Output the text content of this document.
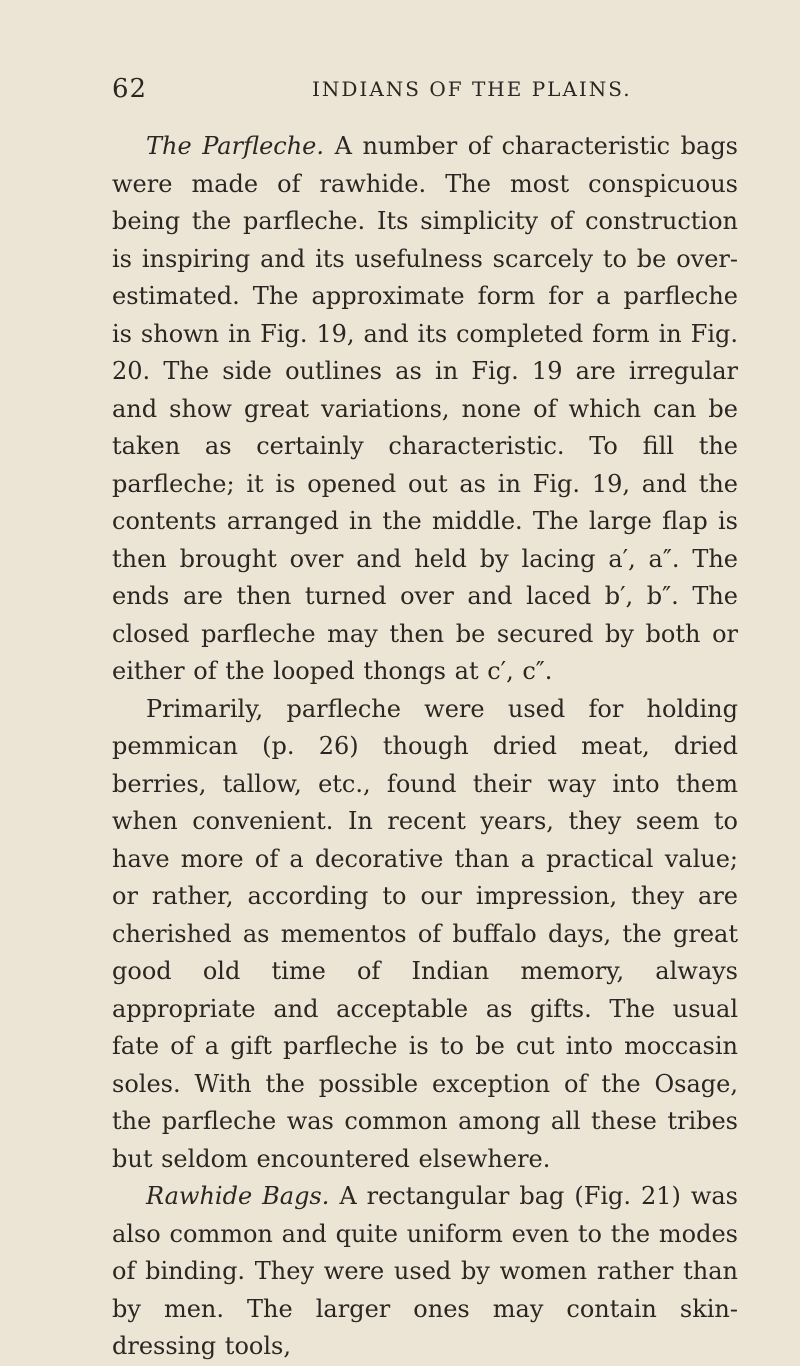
62	INDIANS OF THE PLAINS.

The Parfleche. A number of characteristic bags were made of rawhide. The most conspicuous being the parfleche. Its simplicity of construction is inspiring and its usefulness scarcely to be over-estimated. The approximate form for a parfleche is shown in Fig. 19, and its completed form in Fig. 20. The side outlines as in Fig. 19 are irregular and show great variations, none of which can be taken as certainly characteristic. To fill the parfleche; it is opened out as in Fig. 19, and the contents arranged in the middle. The large flap is then brought over and held by lacing a′, a″. The ends are then turned over and laced b′, b″. The closed parfleche may then be secured by both or either of the looped thongs at c′, c″.

Primarily, parfleche were used for holding pemmican (p. 26) though dried meat, dried berries, tallow, etc., found their way into them when convenient. In recent years, they seem to have more of a decorative than a practical value; or rather, according to our impression, they are cherished as mementos of buffalo days, the great good old time of Indian memory, always appropriate and acceptable as gifts. The usual fate of a gift parfleche is to be cut into moccasin soles. With the possible exception of the Osage, the parfleche was common among all these tribes but seldom encountered elsewhere.

Rawhide Bags. A rectangular bag (Fig. 21) was also common and quite uniform even to the modes of binding. They were used by women rather than by men. The larger ones may contain skin-dressing tools,
